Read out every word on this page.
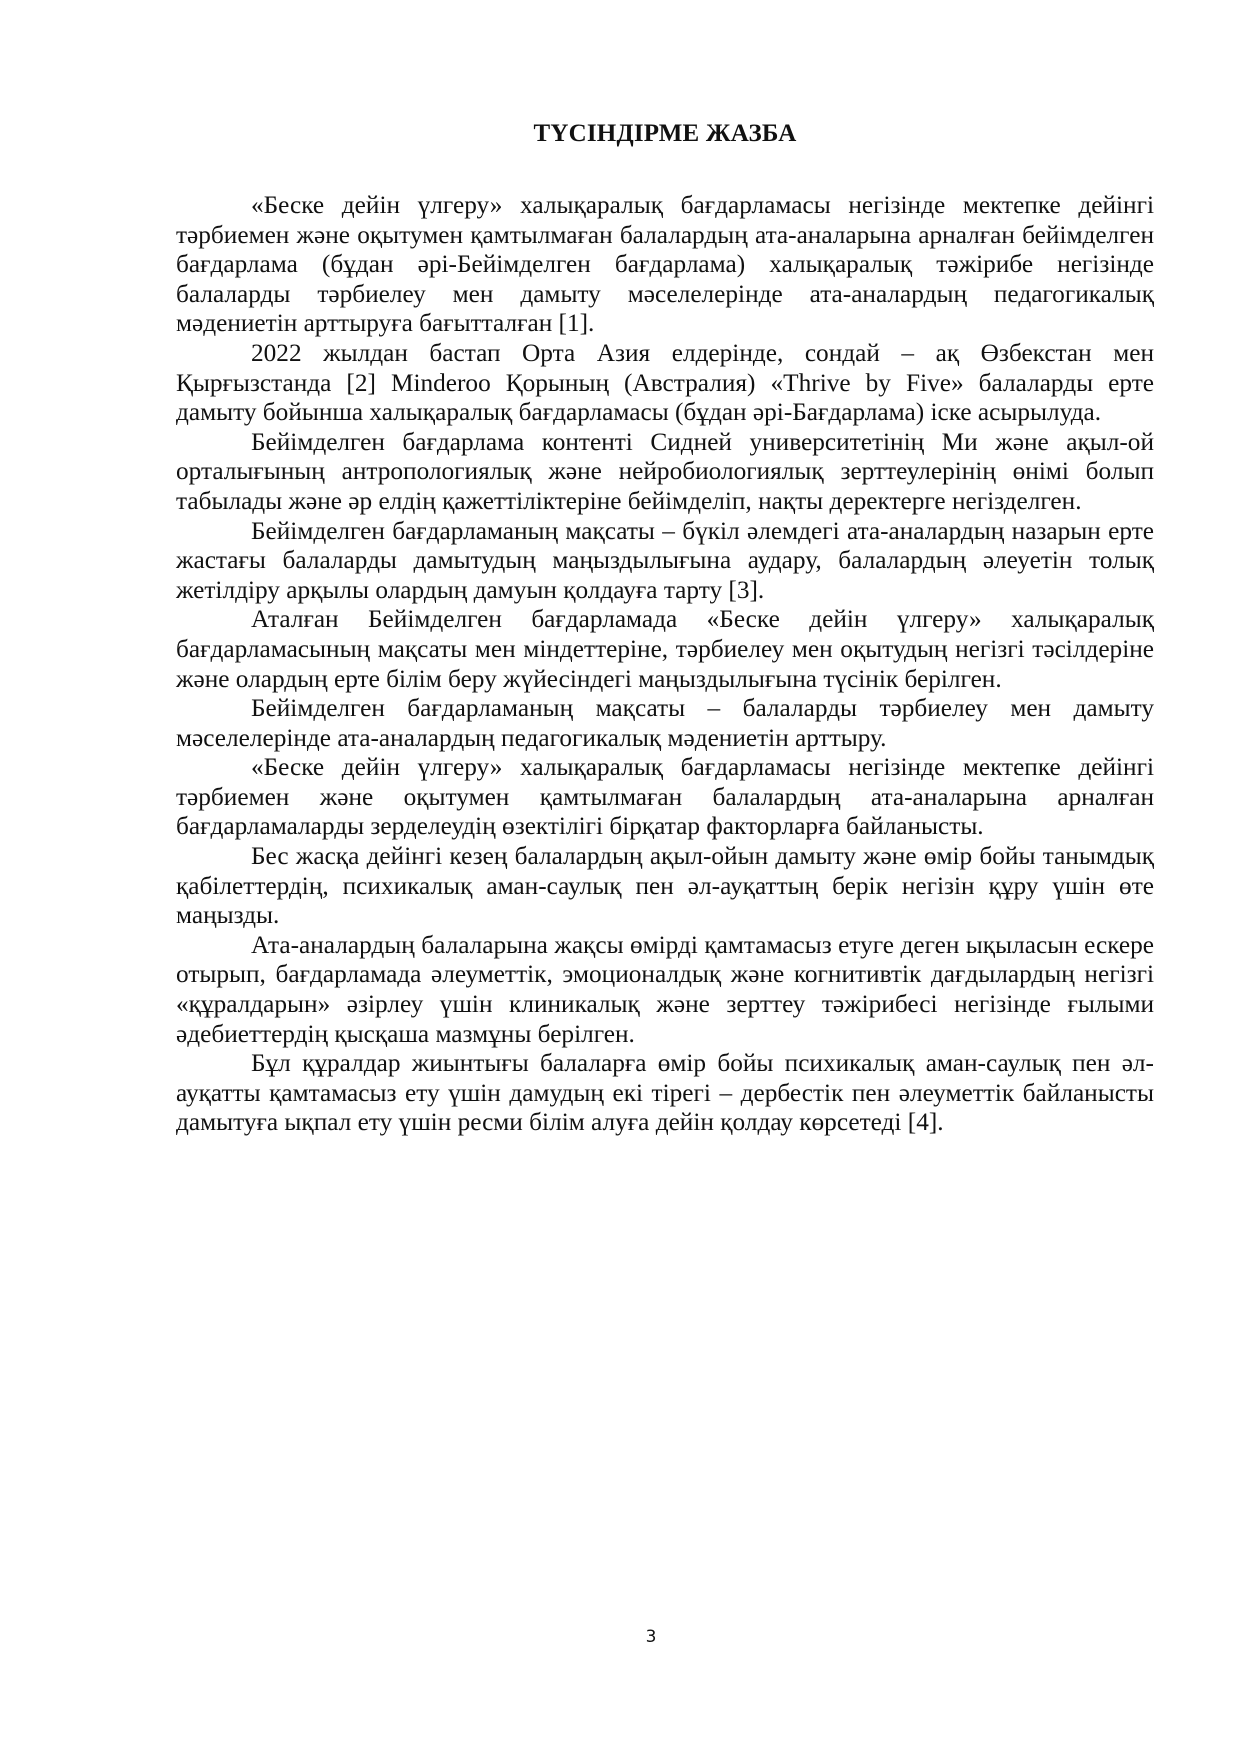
ТҮСІНДІРМЕ ЖАЗБА

«Беске дейін үлгеру» халықаралық бағдарламасы негізінде мектепке дейінгі тәрбиемен және оқытумен қамтылмаған балалардың ата-аналарына арналған бейімделген бағдарлама (бұдан әрі-Бейімделген бағдарлама) халықаралық тәжірибе негізінде балаларды тәрбиелеу мен дамыту мәселелерінде ата-аналардың педагогикалық мәдениетін арттыруға бағытталған [1].

2022 жылдан бастап Орта Азия елдерінде, сондай – ақ Өзбекстан мен Қырғызстанда [2] Minderoo Қорының (Австралия) «Thrive by Five» балаларды ерте дамыту бойынша халықаралық бағдарламасы (бұдан әрі-Бағдарлама) іске асырылуда.

Бейімделген бағдарлама контенті Сидней университетінің Ми және ақыл-ой орталығының антропологиялық және нейробиологиялық зерттеулерінің өнімі болып табылады және әр елдің қажеттіліктеріне бейімделіп, нақты деректерге негізделген.

Бейімделген бағдарламаның мақсаты – бүкіл әлемдегі ата-аналардың назарын ерте жастағы балаларды дамытудың маңыздылығына аудару, балалардың әлеуетін толық жетілдіру арқылы олардың дамуын қолдауға тарту [3].

Аталған Бейімделген бағдарламада «Беске дейін үлгеру» халықаралық бағдарламасының мақсаты мен міндеттеріне, тәрбиелеу мен оқытудың негізгі тәсілдеріне және олардың ерте білім беру жүйесіндегі маңыздылығына түсінік берілген.

Бейімделген бағдарламаның мақсаты – балаларды тәрбиелеу мен дамыту мәселелерінде ата-аналардың педагогикалық мәдениетін арттыру.

«Беске дейін үлгеру» халықаралық бағдарламасы негізінде мектепке дейінгі тәрбиемен және оқытумен қамтылмаған балалардың ата-аналарына арналған бағдарламаларды зерделеудің өзектілігі бірқатар факторларға байланысты.

Бес жасқа дейінгі кезең балалардың ақыл-ойын дамыту және өмір бойы танымдық қабілеттердің, психикалық аман-саулық пен әл-ауқаттың берік негізін құру үшін өте маңызды.

Ата-аналардың балаларына жақсы өмірді қамтамасыз етуге деген ықыласын ескере отырып, бағдарламада әлеуметтік, эмоционалдық және когнитивтік дағдылардың негізгі «құралдарын» әзірлеу үшін клиникалық және зерттеу тәжірибесі негізінде ғылыми әдебиеттердің қысқаша мазмұны берілген.

Бұл құралдар жиынтығы балаларға өмір бойы психикалық аман-саулық пен әл-ауқатты қамтамасыз ету үшін дамудың екі тірегі – дербестік пен әлеуметтік байланысты дамытуға ықпал ету үшін ресми білім алуға дейін қолдау көрсетеді [4].

3
